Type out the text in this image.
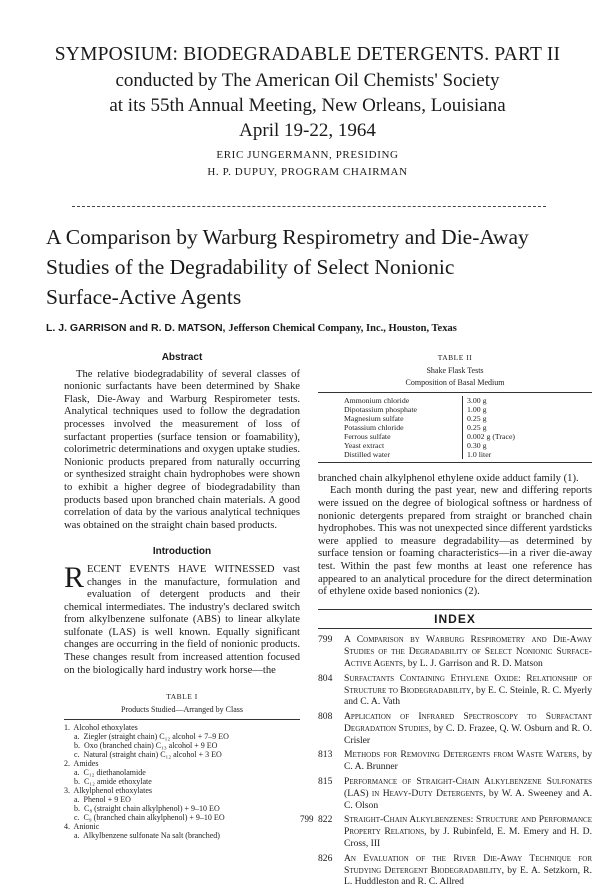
SYMPOSIUM: BIODEGRADABLE DETERGENTS. PART II
conducted by The American Oil Chemists' Society
at its 55th Annual Meeting, New Orleans, Louisiana
April 19-22, 1964
ERIC JUNGERMANN, PRESIDING
H. P. DUPUY, PROGRAM CHAIRMAN
A Comparison by Warburg Respirometry and Die-Away
Studies of the Degradability of Select Nonionic
Surface-Active Agents
L. J. GARRISON and R. D. MATSON, Jefferson Chemical Company, Inc., Houston, Texas
Abstract
The relative biodegradability of several classes of nonionic surfactants have been determined by Shake Flask, Die-Away and Warburg Respirometer tests. Analytical techniques used to follow the degradation processes involved the measurement of loss of surfactant properties (surface tension or foamability), colorimetric determinations and oxygen uptake studies. Nonionic products prepared from naturally occurring or synthesized straight chain hydrophobes were shown to exhibit a higher degree of biodegradability than products based upon branched chain materials. A good correlation of data by the various analytical techniques was obtained on the straight chain based products.
Introduction
RECENT EVENTS HAVE WITNESSED vast changes in the manufacture, formulation and evaluation of detergent products and their chemical intermediates. The industry's declared switch from alkylbenzene sulfonate (ABS) to linear alkylate sulfonate (LAS) is well known. Equally significant changes are occurring in the field of nonionic products. These changes result from increased attention focused on the biologically hard industry work horse—the
TABLE I
Products Studied—Arranged by Class
1.  Alcohol ethoxylates
a.  Ziegler (straight chain) C₁₂ alcohol + 7–9 EO
b.  Oxo (branched chain) C₁₃ alcohol + 9 EO
c.  Natural (straight chain) C₁₂ alcohol + 3 EO
2.  Amides
a.  C₁₂ diethanolamide
b.  C₁₂ amide ethoxylate
3.  Alkylphenol ethoxylates
a.  Phenol + 9 EO
b.  C₈ (straight chain alkylphenol) + 9–10 EO
c.  C₉ (branched chain alkylphenol) + 9–10 EO
4.  Anionic
a.  Alkylbenzene sulfonate Na salt (branched)
TABLE II
Shake Flask Tests
Composition of Basal Medium
Ammonium chloride	3.00 g
Dipotassium phosphate	1.00 g
Magnesium sulfate	0.25 g
Potassium chloride	0.25 g
Ferrous sulfate	0.002 g (Trace)
Yeast extract	0.30 g
Distilled water	1.0 liter
branched chain alkylphenol ethylene oxide adduct family (1).
Each month during the past year, new and differing reports were issued on the degree of biological softness or hardness of nonionic detergents prepared from straight or branched chain hydrophobes. This was not unexpected since different yardsticks were applied to measure degradability—as determined by surface tension or foaming characteristics—in a river die-away test. Within the past few months at least one reference has appeared to an analytical procedure for the direct determination of ethylene oxide based nonionics (2).
INDEX
799	A Comparison by Warburg Respirometry and Die-Away Studies of the Degradability of Select Nonionic Surface-Active Agents, by L. J. Garrison and R. D. Matson
804	Surfactants Containing Ethylene Oxide: Relationship of Structure to Biodegradability, by E. C. Steinle, R. C. Myerly and C. A. Vath
808	Application of Infrared Spectroscopy to Surfactant Degradation Studies, by C. D. Frazee, Q. W. Osburn and R. O. Crisler
813	Methods for Removing Detergents from Waste Waters, by C. A. Brunner
815	Performance of Straight-Chain Alkylbenzene Sulfonates (LAS) in Heavy-Duty Detergents, by W. A. Sweeney and A. C. Olson
822	Straight-Chain Alkylbenzenes: Structure and Performance Property Relations, by J. Rubinfeld, E. M. Emery and H. D. Cross, III
826	An Evaluation of the River Die-Away Technique for Studying Detergent Biodegradability, by E. A. Setzkorn, R. L. Huddleston and R. C. Allred
799
